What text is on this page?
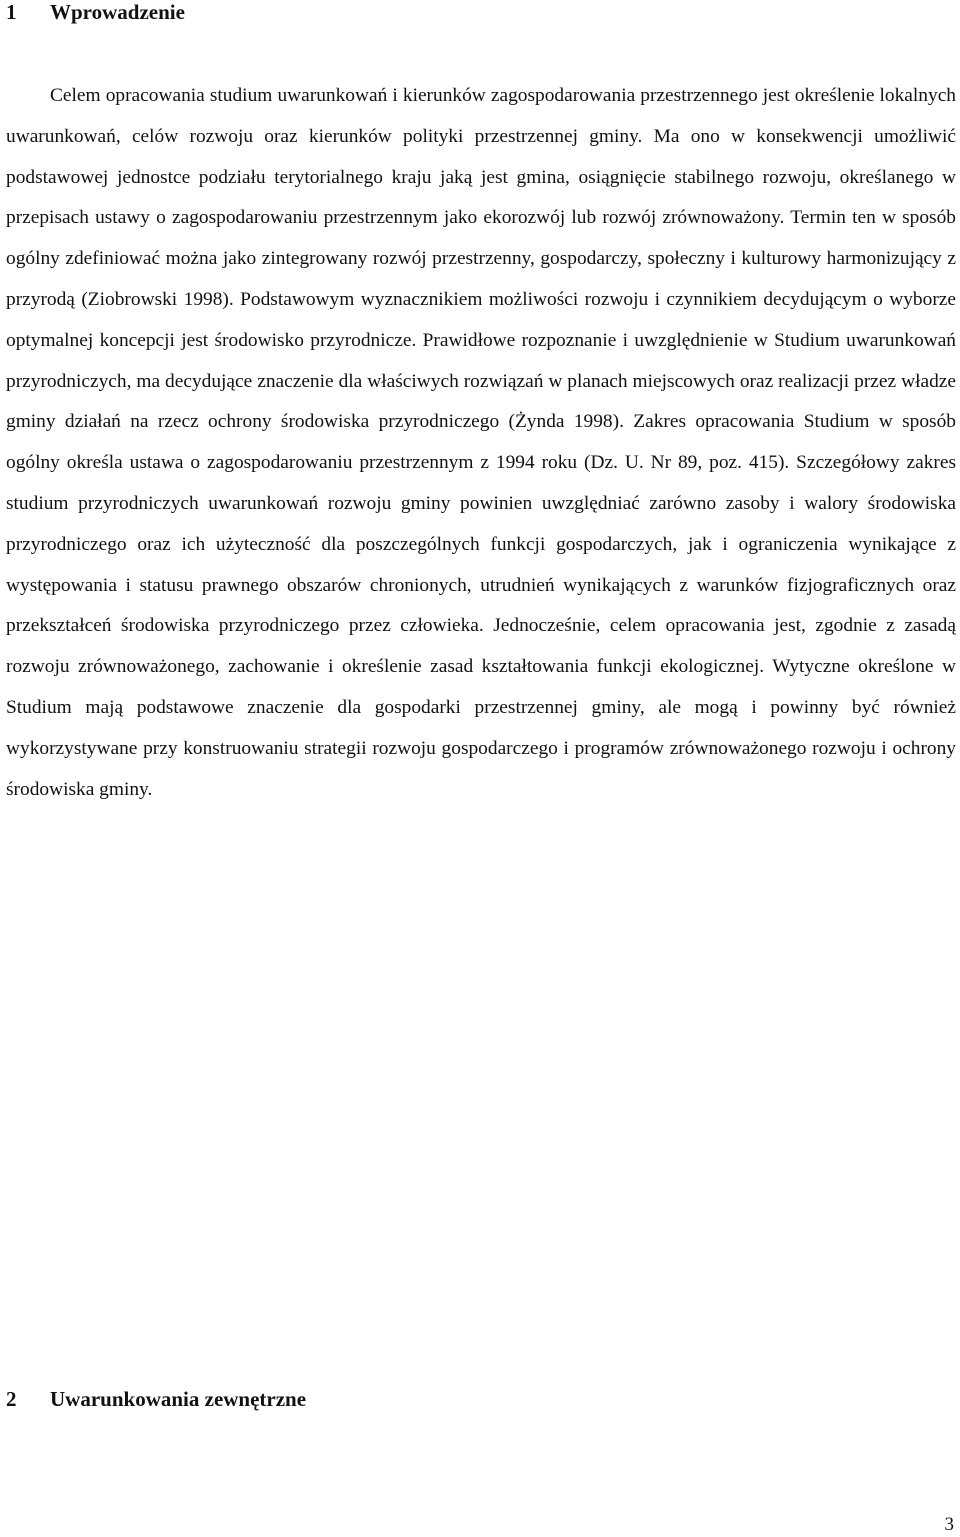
1 Wprowadzenie

Celem opracowania studium uwarunkowań i kierunków zagospodarowania przestrzennego jest określenie lokalnych uwarunkowań, celów rozwoju oraz kierunków polityki przestrzennej gminy. Ma ono w konsekwencji umożliwić podstawowej jednostce podziału terytorialnego kraju jaką jest gmina, osiągnięcie stabilnego rozwoju, określanego w przepisach ustawy o zagospodarowaniu przestrzennym jako ekorozwój lub rozwój zrównoważony. Termin ten w sposób ogólny zdefiniować można jako zintegrowany rozwój przestrzenny, gospodarczy, społeczny i kulturowy harmonizujący z przyrodą (Ziobrowski 1998). Podstawowym wyznacznikiem możliwości rozwoju i czynnikiem decydującym o wyborze optymalnej koncepcji jest środowisko przyrodnicze. Prawidłowe rozpoznanie i uwzględnienie w Studium uwarunkowań przyrodniczych, ma decydujące znaczenie dla właściwych rozwiązań w planach miejscowych oraz realizacji przez władze gminy działań na rzecz ochrony środowiska przyrodniczego (Żynda 1998). Zakres opracowania Studium w sposób ogólny określa ustawa o zagospodarowaniu przestrzennym z 1994 roku (Dz. U. Nr 89, poz. 415). Szczegółowy zakres studium przyrodniczych uwarunkowań rozwoju gminy powinien uwzględniać zarówno zasoby i walory środowiska przyrodniczego oraz ich użyteczność dla poszczególnych funkcji gospodarczych, jak i ograniczenia wynikające z występowania i statusu prawnego obszarów chronionych, utrudnień wynikających z warunków fizjograficznych oraz przekształceń środowiska przyrodniczego przez człowieka. Jednocześnie, celem opracowania jest, zgodnie z zasadą rozwoju zrównoważonego, zachowanie i określenie zasad kształtowania funkcji ekologicznej. Wytyczne określone w Studium mają podstawowe znaczenie dla gospodarki przestrzennej gminy, ale mogą i powinny być również wykorzystywane przy konstruowaniu strategii rozwoju gospodarczego i programów zrównoważonego rozwoju i ochrony środowiska gminy.

2 Uwarunkowania zewnętrzne
3
